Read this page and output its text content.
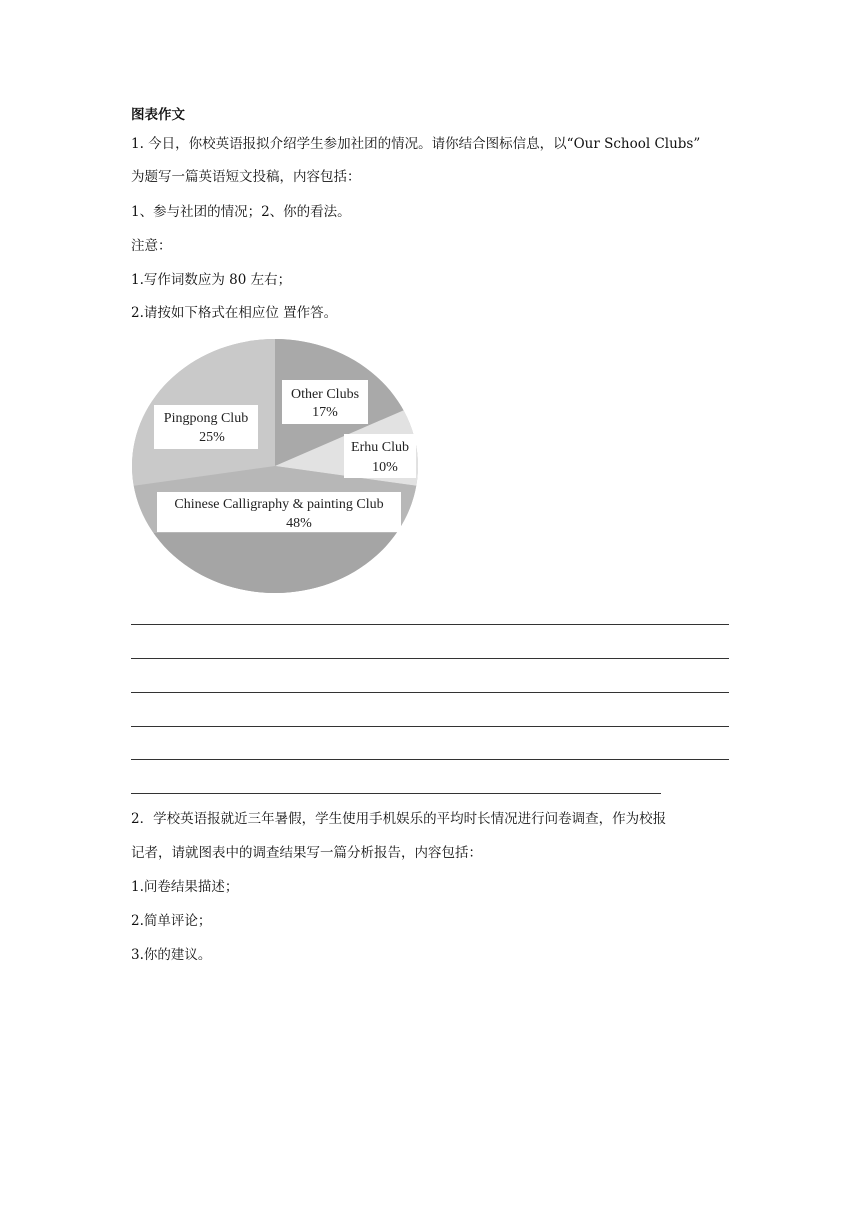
图表作文
1. 今日，你校英语报拟介绍学生参加社团的情况。请你结合图标信息，以“Our School Clubs”
为题写一篇英语短文投稿，内容包括：
1、参与社团的情况；2、你的看法。
注意：
1.写作词数应为 80 左右；
2.请按如下格式在相应位 置作答。
Other Clubs
17%
Erhu Club
10%
Pingpong Club
25%
Chinese Calligraphy & painting Club
48%
2．学校英语报就近三年暑假，学生使用手机娱乐的平均时长情况进行问卷调查，作为校报
记者，请就图表中的调查结果写一篇分析报告，内容包括：
1.问卷结果描述；
2.简单评论；
3.你的建议。
